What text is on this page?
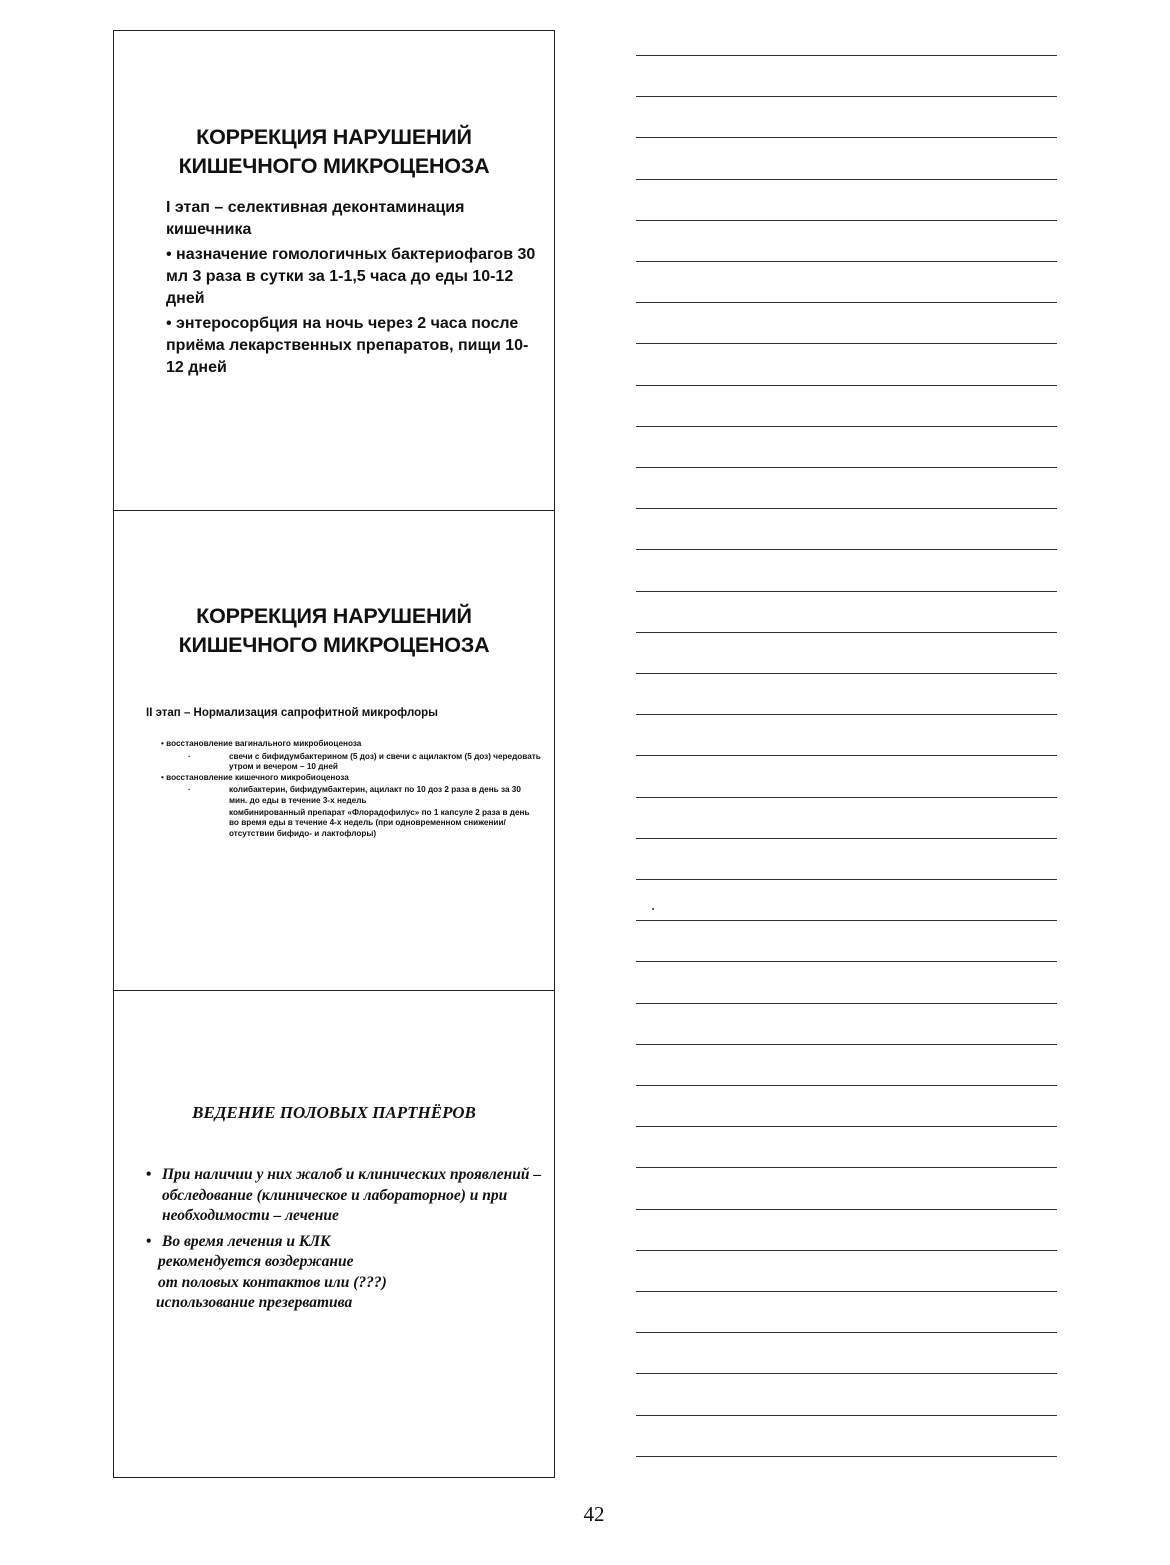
КОРРЕКЦИЯ НАРУШЕНИЙ
КИШЕЧНОГО МИКРОЦЕНОЗА

I этап – селективная деконтаминация кишечника

• назначение гомологичных бактериофагов 30 мл 3 раза в сутки за 1-1,5 часа до еды 10-12 дней

• энтеросорбция на ночь через 2 часа после приёма лекарственных препаратов, пищи 10-12 дней

КОРРЕКЦИЯ НАРУШЕНИЙ
КИШЕЧНОГО МИКРОЦЕНОЗА
II этап – Нормализация сапрофитной микрофлоры
• восстановление вагинального микробиоценоза
·	свечи с бифидумбактерином (5 доз) и свечи с ацилактом (5 доз) чередовать утром и вечером – 10 дней
• восстановление кишечного микробиоценоза
·	колибактерин, бифидумбактерин, ацилакт по 10 доз 2 раза в день за 30 мин. до еды в течение 3-х недель
комбинированный препарат «Флорадофилус» по 1 капсуле 2 раза в день во время еды в течение 4-х недель (при одновременном снижении/отсутствии бифидо- и лактофлоры)
ВЕДЕНИЕ ПОЛОВЫХ ПАРТНЁРОВ
• При наличии у них жалоб и клинических проявлений – обследование (клиническое и лабораторное) и при необходимости – лечение
• Во время лечения и КЛК
рекомендуется воздержание
от половых контактов или (???)
использование презерватива
42
